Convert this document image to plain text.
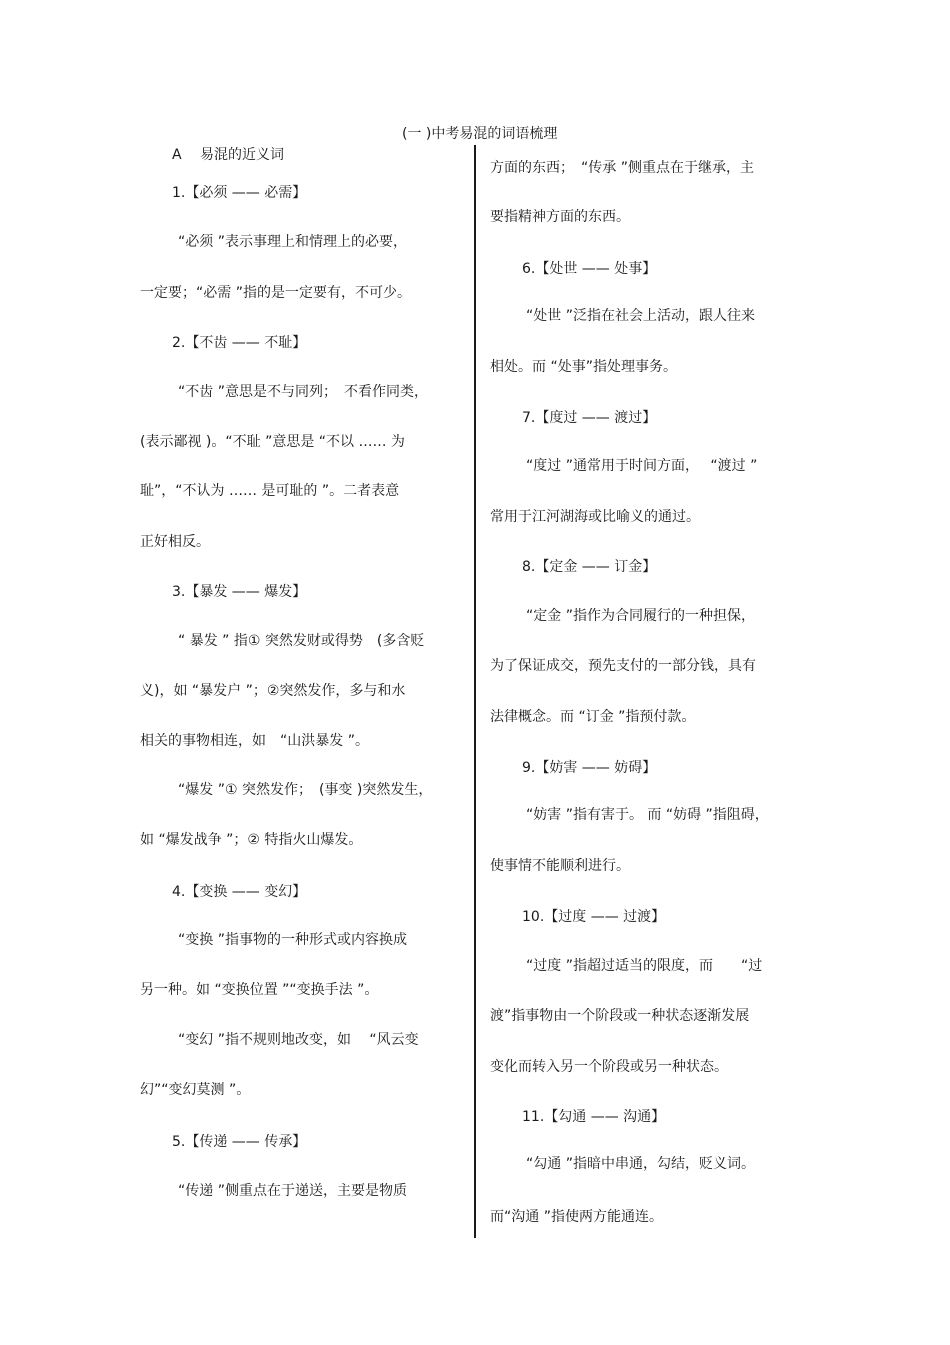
(一 )中考易混的词语梳理
A　 易混的近义词
1.【必须 —— 必需】
“必须 ”表示事理上和情理上的必要，
一定要；“必需 ”指的是一定要有，不可少。
2.【不齿 —— 不耻】
“不齿 ”意思是不与同列；　不看作同类，
(表示鄙视 )。“不耻 ”意思是 “不以 …… 为
耻”，“不认为 …… 是可耻的 ”。二者表意
正好相反。
3.【暴发 —— 爆发】
“ 暴发 ” 指① 突然发财或得势　(多含贬
义)，如 “暴发户 ”；②突然发作，多与和水
相关的事物相连，如　“山洪暴发 ”。
“爆发 ”① 突然发作；　(事变 )突然发生，
如 “爆发战争 ”；② 特指火山爆发。
4.【变换 —— 变幻】
“变换 ”指事物的一种形式或内容换成
另一种。如 “变换位置 ”“变换手法 ”。
“变幻 ”指不规则地改变，如　 “风云变
幻”“变幻莫测 ”。
5.【传递 —— 传承】
“传递 ”侧重点在于递送，主要是物质
方面的东西；　“传承 ”侧重点在于继承，主
要指精神方面的东西。
6.【处世 —— 处事】
“处世 ”泛指在社会上活动，跟人往来
相处。而 “处事”指处理事务。
7.【度过 —— 渡过】
“度过 ”通常用于时间方面，　 “渡过 ”
常用于江河湖海或比喻义的通过。
8.【定金 —— 订金】
“定金 ”指作为合同履行的一种担保，
为了保证成交，预先支付的一部分钱，具有
法律概念。而 “订金 ”指预付款。
9.【妨害 —— 妨碍】
“妨害 ”指有害于。 而 “妨碍 ”指阻碍，
使事情不能顺利进行。
10.【过度 —— 过渡】
“过度 ”指超过适当的限度，而　　“过
渡”指事物由一个阶段或一种状态逐渐发展
变化而转入另一个阶段或另一种状态。
11.【勾通 —— 沟通】
“勾通 ”指暗中串通，勾结，贬义词。
而“沟通 ”指使两方能通连。
